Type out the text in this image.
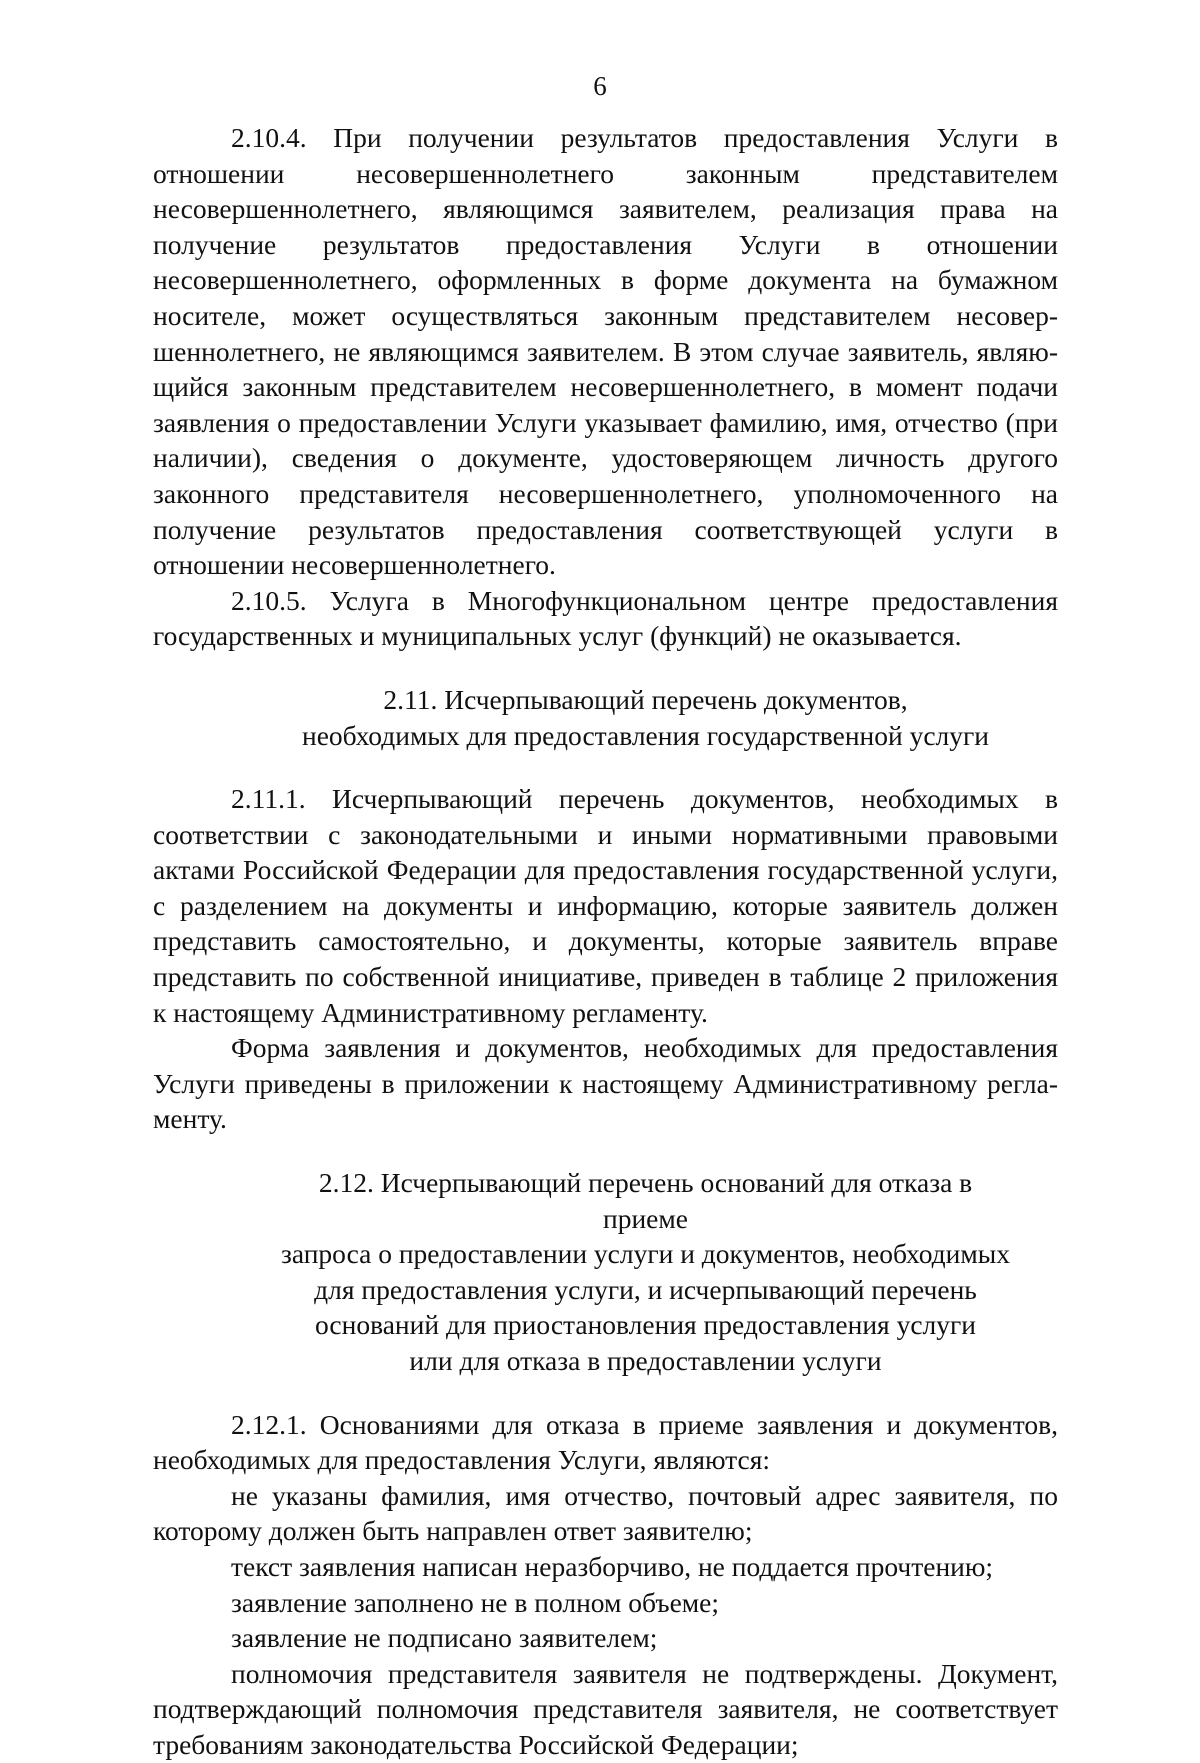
6

2.10.4. При получении результатов предоставления Услуги в отношении несовершеннолетнего законным представителем несовершеннолетнего, являющимся заявителем, реализация права на получение результатов предоставления Услуги в отношении несовершеннолетнего, оформленных в форме документа на бумажном носителе, может осуществляться законным представителем несовершеннолетнего, не являющимся заявителем. В этом случае заявитель, являющийся законным представителем несовершеннолетнего, в момент подачи заявления о предоставлении Услуги указывает фамилию, имя, отчество (при наличии), сведения о документе, удостоверяющем личность другого законного представителя несовершеннолетнего, уполномоченного на получение результатов предоставления соответствующей услуги в отношении несовершеннолетнего.

2.10.5. Услуга в Многофункциональном центре предоставления государственных и муниципальных услуг (функций) не оказывается.

2.11. Исчерпывающий перечень документов,
необходимых для предоставления государственной услуги

2.11.1. Исчерпывающий перечень документов, необходимых в соответствии с законодательными и иными нормативными правовыми актами Российской Федерации для предоставления государственной услуги, с разделением на документы и информацию, которые заявитель должен представить самостоятельно, и документы, которые заявитель вправе представить по собственной инициативе, приведен в таблице 2 приложения к настоящему Административному регламенту.

Форма заявления и документов, необходимых для предоставления Услуги приведены в приложении к настоящему Административному регламенту.

2.12. Исчерпывающий перечень оснований для отказа в приеме
запроса о предоставлении услуги и документов, необходимых
для предоставления услуги, и исчерпывающий перечень
оснований для приостановления предоставления услуги
или для отказа в предоставлении услуги

2.12.1. Основаниями для отказа в приеме заявления и документов, необходимых для предоставления Услуги, являются:

не указаны фамилия, имя отчество, почтовый адрес заявителя, по которому должен быть направлен ответ заявителю;

текст заявления написан неразборчиво, не поддается прочтению;

заявление заполнено не в полном объеме;

заявление не подписано заявителем;

полномочия представителя заявителя не подтверждены. Документ, подтверждающий полномочия представителя заявителя, не соответствует требованиям законодательства Российской Федерации;
